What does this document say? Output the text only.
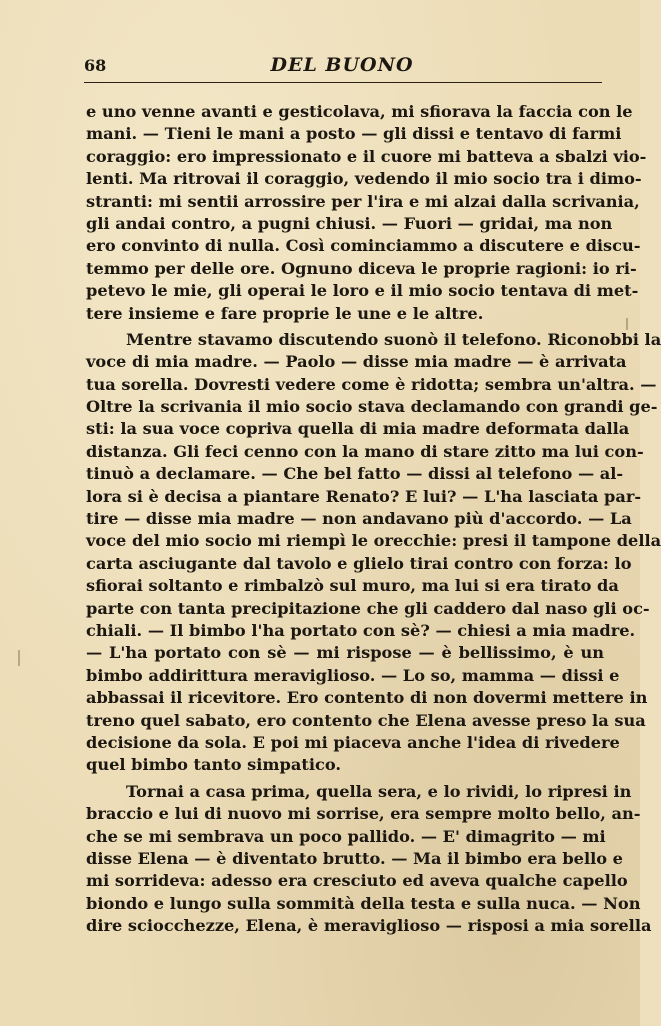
68	DEL BUONO
e uno venne avanti e gesticolava, mi sfiorava la faccia con le
mani. — Tieni le mani a posto — gli dissi e tentavo di farmi
coraggio: ero impressionato e il cuore mi batteva a sbalzi vio-
lenti. Ma ritrovai il coraggio, vedendo il mio socio tra i dimo-
stranti: mi sentii arrossire per l'ira e mi alzai dalla scrivania,
gli andai contro, a pugni chiusi. — Fuori — gridai, ma non
ero convinto di nulla. Così cominciammo a discutere e discu-
temmo per delle ore. Ognuno diceva le proprie ragioni: io ri-
petevo le mie, gli operai le loro e il mio socio tentava di met-
tere insieme e fare proprie le une e le altre.
Mentre stavamo discutendo suonò il telefono. Riconobbi la
voce di mia madre. — Paolo — disse mia madre — è arrivata
tua sorella. Dovresti vedere come è ridotta; sembra un'altra. —
Oltre la scrivania il mio socio stava declamando con grandi ge-
sti: la sua voce copriva quella di mia madre deformata dalla
distanza. Gli feci cenno con la mano di stare zitto ma lui con-
tinuò a declamare. — Che bel fatto — dissi al telefono — al-
lora si è decisa a piantare Renato? E lui? — L'ha lasciata par-
tire — disse mia madre — non andavano più d'accordo. — La
voce del mio socio mi riempì le orecchie: presi il tampone della
carta asciugante dal tavolo e glielo tirai contro con forza: lo
sfiorai soltanto e rimbalzò sul muro, ma lui si era tirato da
parte con tanta precipitazione che gli caddero dal naso gli oc-
chiali. — Il bimbo l'ha portato con sè? — chiesi a mia madre.
— L'ha portato con sè — mi rispose — è bellissimo, è un
bimbo addirittura meraviglioso. — Lo so, mamma — dissi e
abbassai il ricevitore. Ero contento di non dovermi mettere in
treno quel sabato, ero contento che Elena avesse preso la sua
decisione da sola. E poi mi piaceva anche l'idea di rivedere
quel bimbo tanto simpatico.
Tornai a casa prima, quella sera, e lo rividi, lo ripresi in
braccio e lui di nuovo mi sorrise, era sempre molto bello, an-
che se mi sembrava un poco pallido. — E' dimagrito — mi
disse Elena — è diventato brutto. — Ma il bimbo era bello e
mi sorrideva: adesso era cresciuto ed aveva qualche capello
biondo e lungo sulla sommità della testa e sulla nuca. — Non
dire sciocchezze, Elena, è meraviglioso — risposi a mia sorella
